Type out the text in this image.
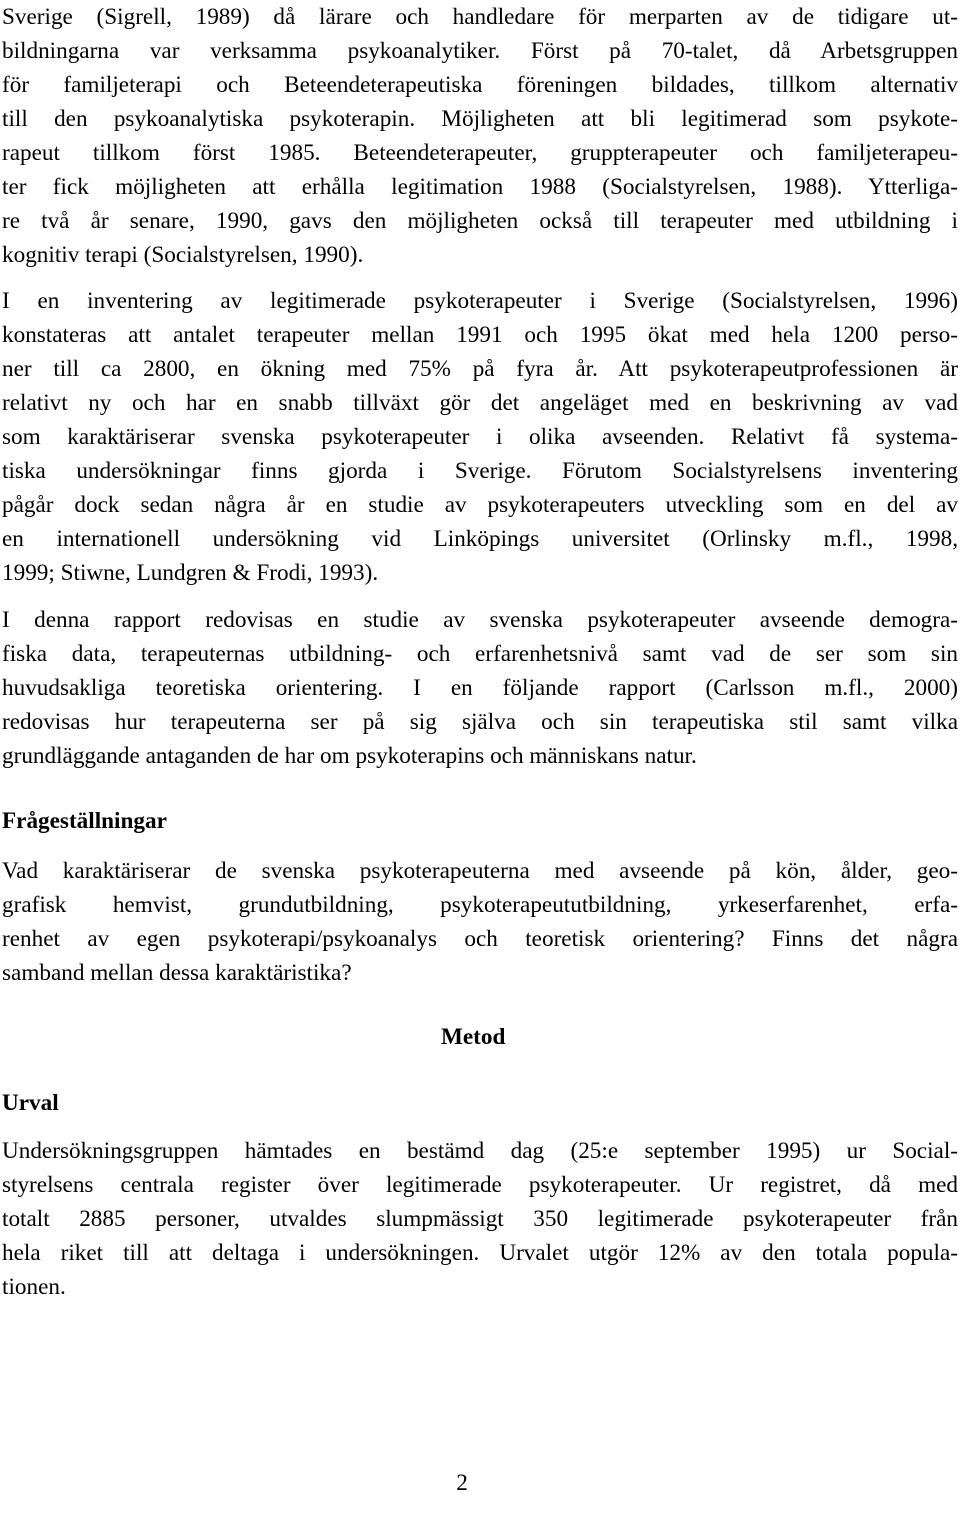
Sverige (Sigrell, 1989) då lärare och handledare för merparten av de tidigare ut-
bildningarna var verksamma psykoanalytiker. Först på 70-talet, då Arbetsgruppen
för familjeterapi och Beteendeterapeutiska föreningen bildades, tillkom alternativ
till den psykoanalytiska psykoterapin. Möjligheten att bli legitimerad som psykote-
rapeut tillkom först 1985. Beteendeterapeuter, gruppterapeuter och familjeterapeu-
ter fick möjligheten att erhålla legitimation 1988 (Socialstyrelsen, 1988). Ytterliga-
re två år senare, 1990, gavs den möjligheten också till terapeuter med utbildning i
kognitiv terapi (Socialstyrelsen, 1990).
I en inventering av legitimerade psykoterapeuter i Sverige (Socialstyrelsen, 1996)
konstateras att antalet terapeuter mellan 1991 och 1995 ökat med hela 1200 perso-
ner till ca 2800, en ökning med 75% på fyra år. Att psykoterapeutprofessionen är
relativt ny och har en snabb tillväxt gör det angeläget med en beskrivning av vad
som karaktäriserar svenska psykoterapeuter i olika avseenden. Relativt få systema-
tiska undersökningar finns gjorda i Sverige. Förutom Socialstyrelsens inventering
pågår dock sedan några år en studie av psykoterapeuters utveckling som en del av
en internationell undersökning vid Linköpings universitet (Orlinsky m.fl., 1998,
1999; Stiwne, Lundgren & Frodi, 1993).
I denna rapport redovisas en studie av svenska psykoterapeuter avseende demogra-
fiska data, terapeuternas utbildning- och erfarenhetsnivå samt vad de ser som sin
huvudsakliga teoretiska orientering. I en följande rapport (Carlsson m.fl., 2000)
redovisas hur terapeuterna ser på sig själva och sin terapeutiska stil samt vilka
grundläggande antaganden de har om psykoterapins och människans natur.
Frågeställningar
Vad karaktäriserar de svenska psykoterapeuterna med avseende på kön, ålder, geo-
grafisk hemvist, grundutbildning, psykoterapeututbildning, yrkeserfarenhet, erfa-
renhet av egen psykoterapi/psykoanalys och teoretisk orientering? Finns det några
samband mellan dessa karaktäristika?
Metod
Urval
Undersökningsgruppen hämtades en bestämd dag (25:e september 1995) ur Social-
styrelsens centrala register över legitimerade psykoterapeuter. Ur registret, då med
totalt 2885 personer, utvaldes slumpmässigt 350 legitimerade psykoterapeuter från
hela riket till att deltaga i undersökningen. Urvalet utgör 12% av den totala popula-
tionen.
2
